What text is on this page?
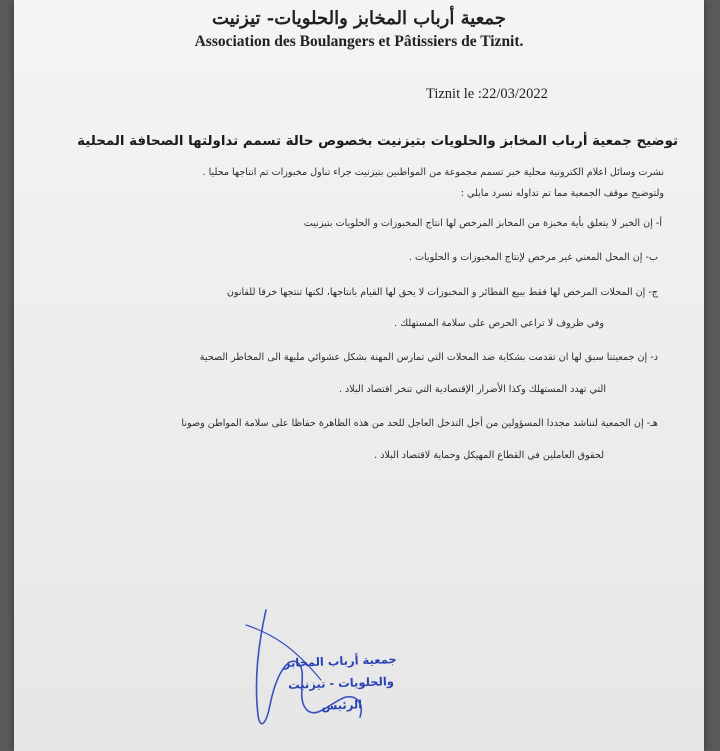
جمعية أرباب المخابز والحلويات- تيزنيت
Association des Boulangers et Pâtissiers de Tiznit.
Tiznit le :22/03/2022
توضيح جمعية أرباب المخابز والحلويات بتيزنيت بخصوص حالة تسمم تداولتها الصحافة المحلية
نشرت وسائل اعلام الكترونية محلية خبر تسمم مجموعة من المواطنين بتيزنيت جراء تناول مخبوزات تم انتاجها محليا .
ولتوضيح موقف الجمعية مما تم تداوله نسرد مايلي :
أ- إن الخبر لا يتعلق بأية مخبزة من المخابز المرخص لها انتاج المخبوزات و الحلويات بتيزنيت
ب- إن المحل المعني غير مرخص لإنتاج المخبوزات و الحلويات .
ج- إن المحلات المرخص لها فقط ببيع الفطائر و المخبوزات لا يحق لها القيام بانتاجها، لكنها تنتجها خرقا للقانون
وفي ظروف لا تراعي الحرص على سلامة المستهلك .
د- إن جمعيتنا سبق لها ان تقدمت بشكاية ضد المحلات التي تمارس المهنة بشكل عشوائي ملبهة الى المخاطر الصحية
التي تهدد المستهلك وكذا الأضرار الإقتصادية التي تنخر اقتصاد البلاد .
هـ- إن الجمعية لتناشد مجددا المسؤولين من أجل التدخل العاجل للحد من هذه الظاهرة حفاظا على سلامة المواطن وصونا
لحقوق العاملين في القطاع المهيكل وحماية لاقتصاد البلاد .
جمعية أرباب المخابز
والحلويات - تيزنيت
الرئيس
